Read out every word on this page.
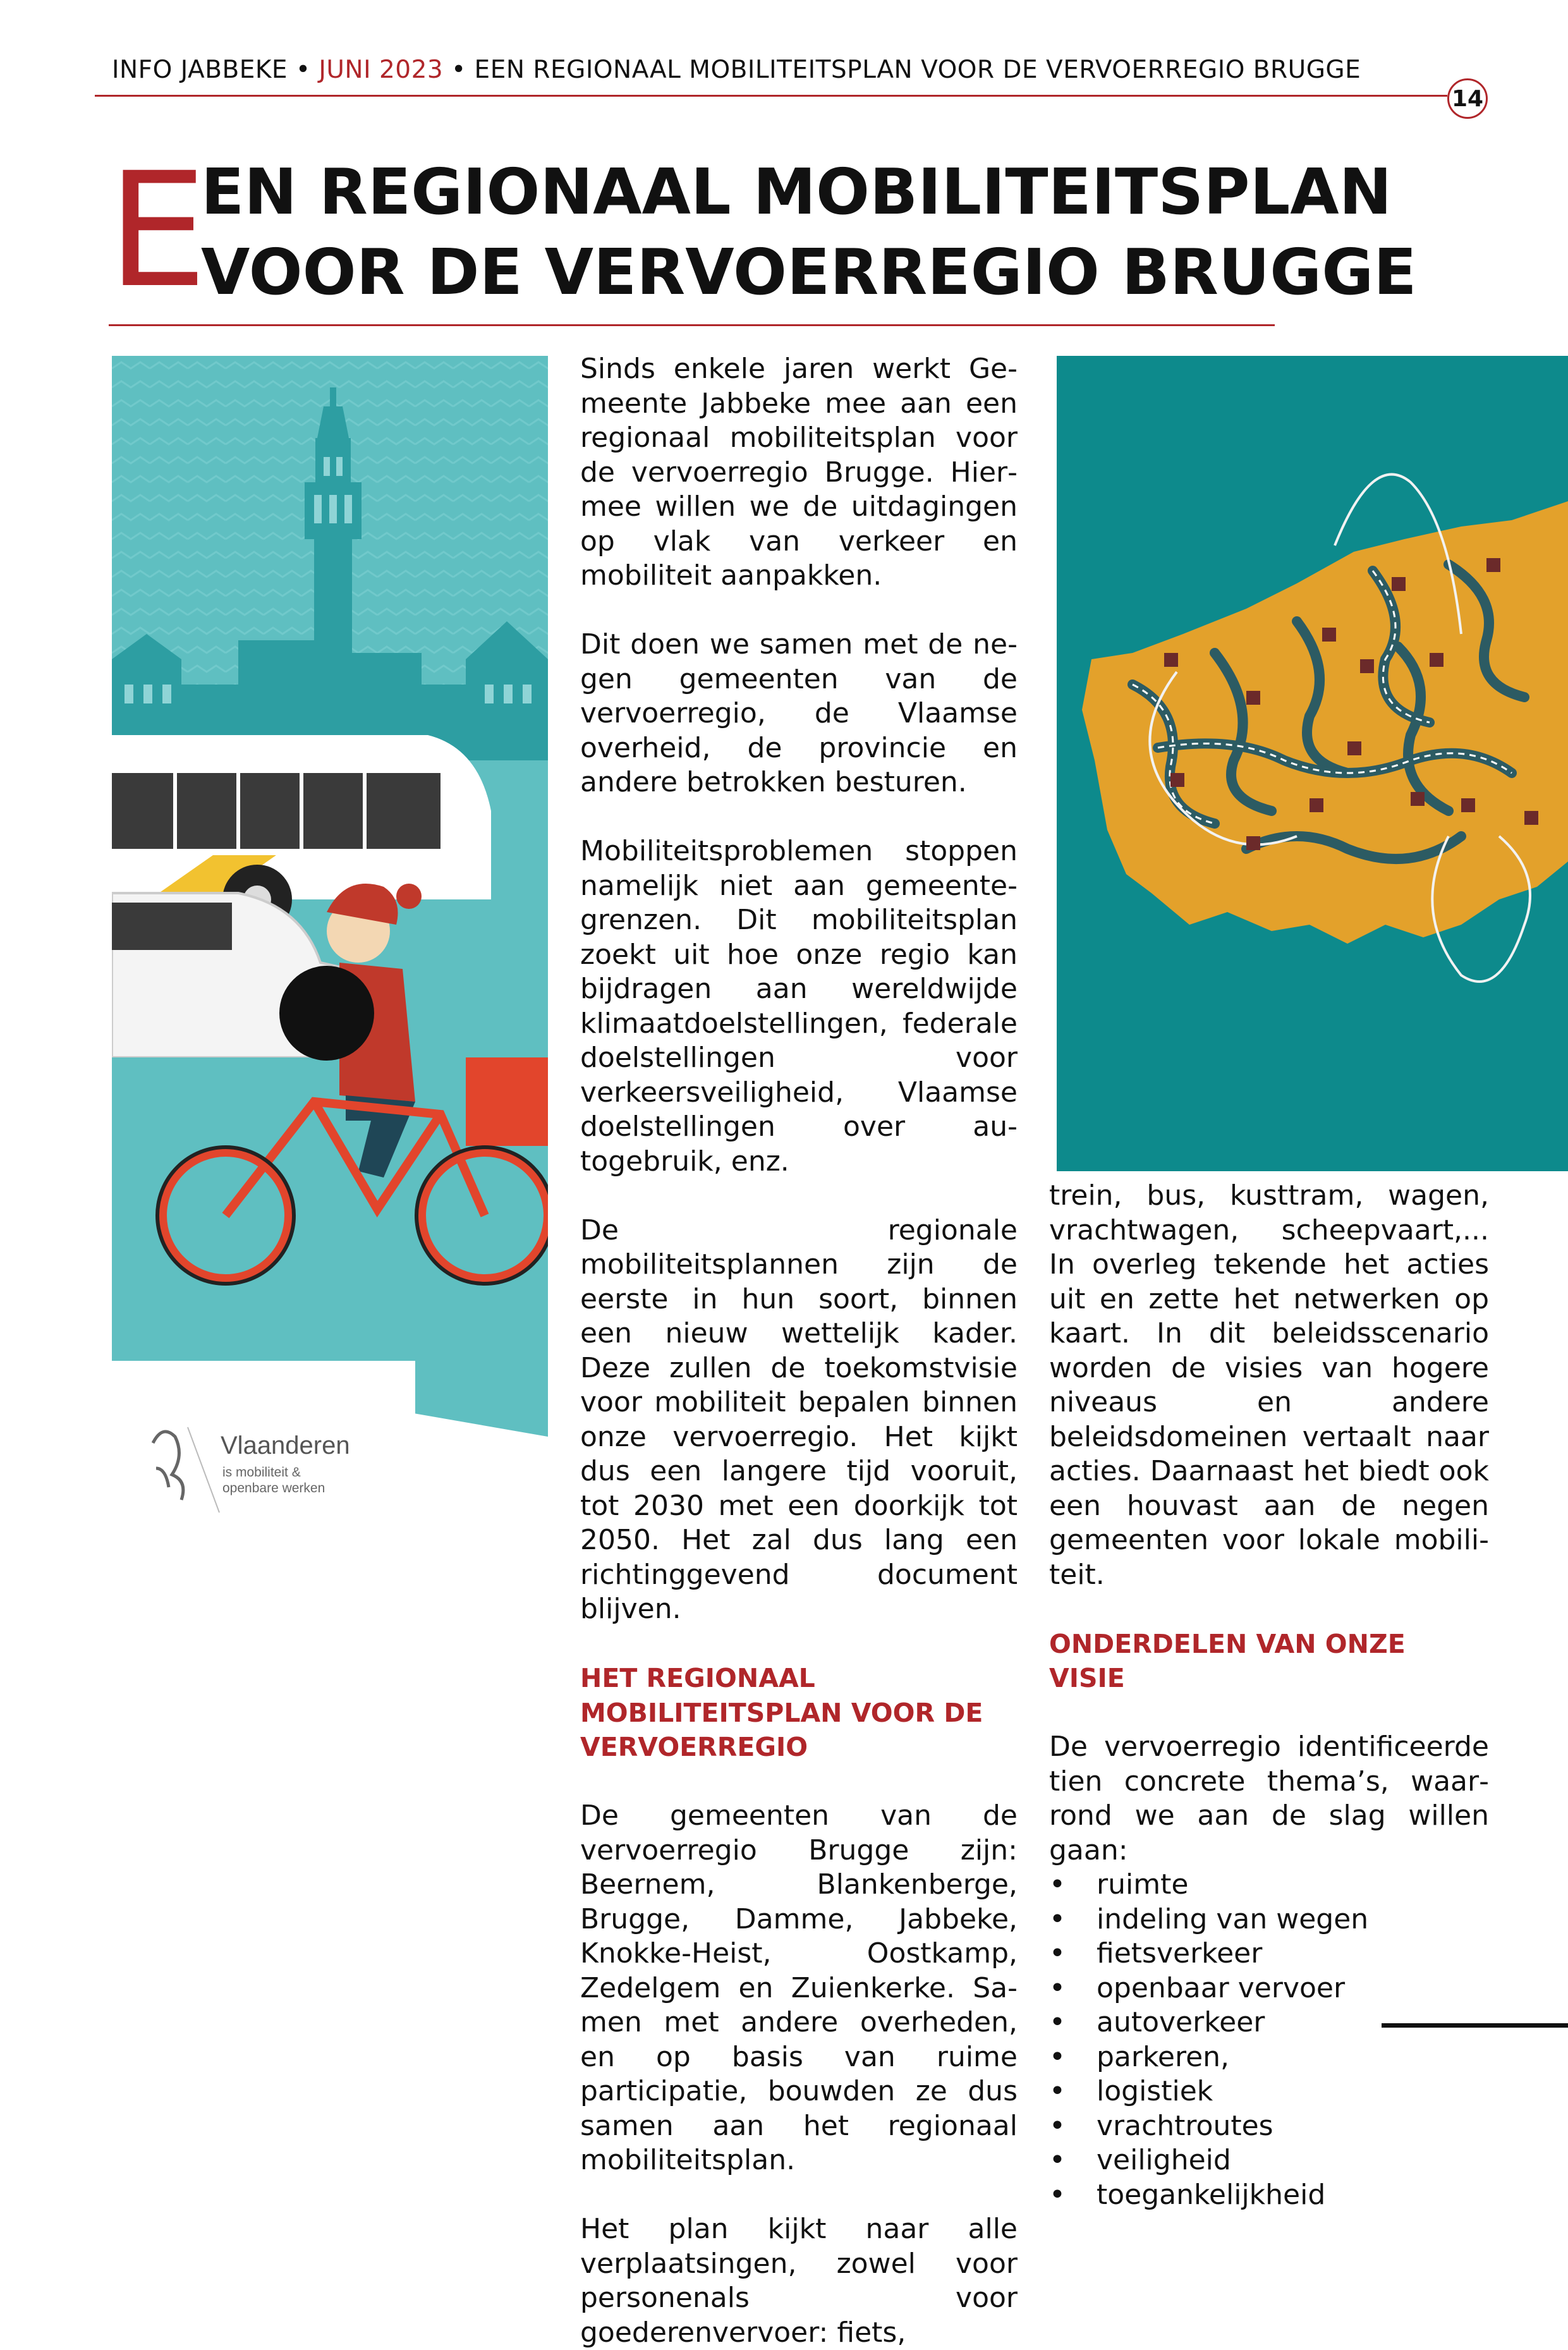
INFO JABBEKE • JUNI 2023 • EEN REGIONAAL MOBILITEITSPLAN VOOR DE VERVOERREGIO BRUGGE
14
E
EN REGIONAAL MOBILITEITSPLAN
VOOR DE VERVOERREGIO BRUGGE
Vlaanderen
is mobiliteit &
openbare werken

Sinds enkele jaren werkt Gemeente Jabbeke mee aan een regionaal mobiliteitsplan voor de vervoerregio Brugge. Hiermee willen we de uitdagingen op vlak van verkeer en mobiliteit aanpakken.

Dit doen we samen met de negen gemeenten van de vervoerregio, de Vlaamse overheid, de provincie en andere betrokken besturen.

Mobiliteitsproblemen stoppen namelijk niet aan gemeentegrenzen. Dit mobiliteitsplan zoekt uit hoe onze regio kan bijdragen aan wereldwijde klimaatdoelstellingen, federale doelstellingen voor verkeersveiligheid, Vlaamse doelstellingen over autogebruik, enz.

De regionale mobiliteitsplannen zijn de eerste in hun soort, binnen een nieuw wettelijk kader. Deze zullen de toekomstvisie voor mobiliteit bepalen binnen onze vervoerregio. Het kijkt dus een langere tijd vooruit, tot 2030 met een doorkijk tot 2050. Het zal dus lang een richtinggevend document blijven.

HET REGIONAAL MOBILITEITSPLAN VOOR DE VERVOERREGIO

De gemeenten van de vervoerregio Brugge zijn: Beernem, Blankenberge, Brugge, Damme, Jabbeke, Knokke-Heist, Oostkamp, Zedelgem en Zuienkerke. Samen met andere overheden, en op basis van ruime participatie, bouwden ze dus samen aan het regionaal mobiliteitsplan.

Het plan kijkt naar alle verplaatsingen, zowel voor personenals voor goederenvervoer: fiets,

trein, bus, kusttram, wagen, vrachtwagen, scheepvaart,... In overleg tekende het acties uit en zette het netwerken op kaart. In dit beleidsscenario worden de visies van hogere niveaus en andere beleidsdomeinen vertaalt naar acties. Daarnaast het biedt ook een houvast aan de negen gemeenten voor lokale mobiliteit.

ONDERDELEN VAN ONZE VISIE

De vervoerregio identificeerde tien concrete thema’s, waarrond we aan de slag willen gaan:

• ruimte
• indeling van wegen
• fietsverkeer
• openbaar vervoer
• autoverkeer
• parkeren,
• logistiek
• vrachtroutes
• veiligheid
• toegankelijkheid
